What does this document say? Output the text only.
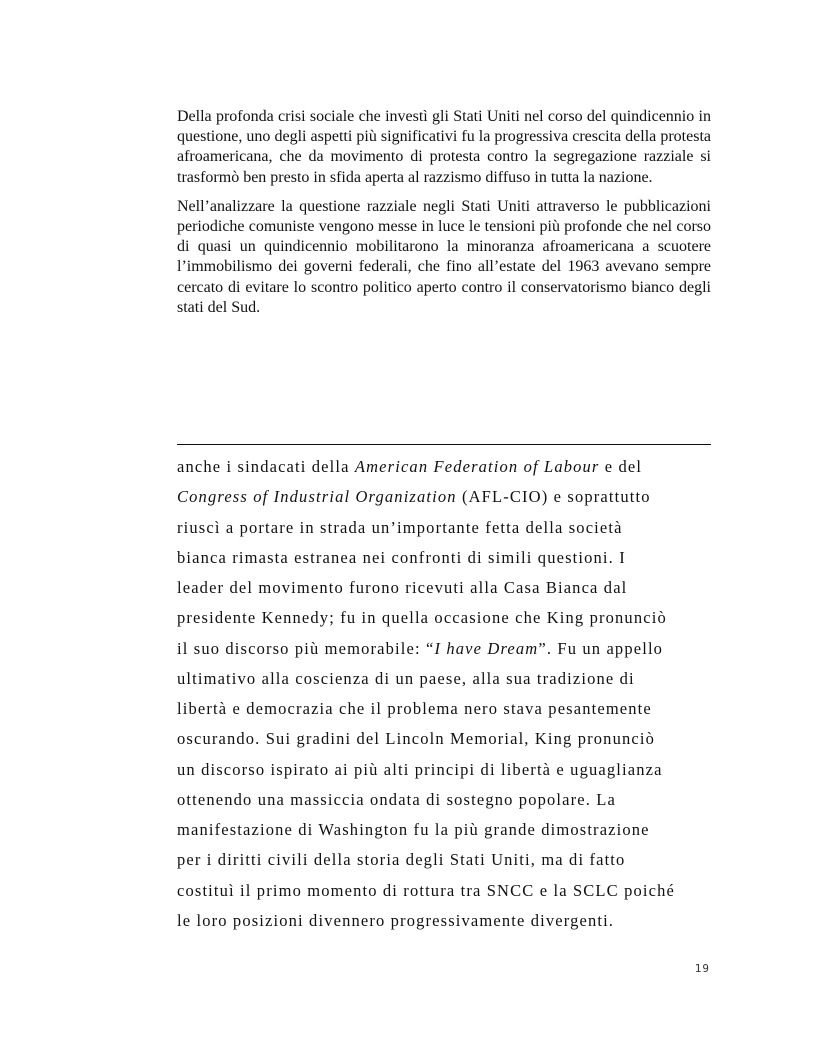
Della profonda crisi sociale che investì gli Stati Uniti nel corso del quindicennio in questione, uno degli aspetti più significativi fu la progressiva crescita della protesta afroamericana, che da movimento di protesta contro la segregazione razziale si trasformò ben presto in sfida aperta al razzismo diffuso in tutta la nazione.

Nell’analizzare la questione razziale negli Stati Uniti attraverso le pubblicazioni periodiche comuniste vengono messe in luce le tensioni più profonde che nel corso di quasi un quindicennio mobilitarono la minoranza afroamericana a scuotere l’immobilismo dei governi federali, che fino all’estate del 1963 avevano sempre cercato di evitare lo scontro politico aperto contro il conservatorismo bianco degli stati del Sud.

anche i sindacati della American Federation of Labour e del
Congress of Industrial Organization (AFL-CIO) e soprattutto
riuscì a portare in strada un’importante fetta della società
bianca rimasta estranea nei confronti di simili questioni. I
leader del movimento furono ricevuti alla Casa Bianca dal
presidente Kennedy; fu in quella occasione che King pronunciò
il suo discorso più memorabile: “I have Dream”. Fu un appello
ultimativo alla coscienza di un paese, alla sua tradizione di
libertà e democrazia che il problema nero stava pesantemente
oscurando. Sui gradini del Lincoln Memorial, King pronunciò
un discorso ispirato ai più alti principi di libertà e uguaglianza
ottenendo una massiccia ondata di sostegno popolare. La
manifestazione di Washington fu la più grande dimostrazione
per i diritti civili della storia degli Stati Uniti, ma di fatto
costituì il primo momento di rottura tra SNCC e la SCLC poiché
le loro posizioni divennero progressivamente divergenti.
19
